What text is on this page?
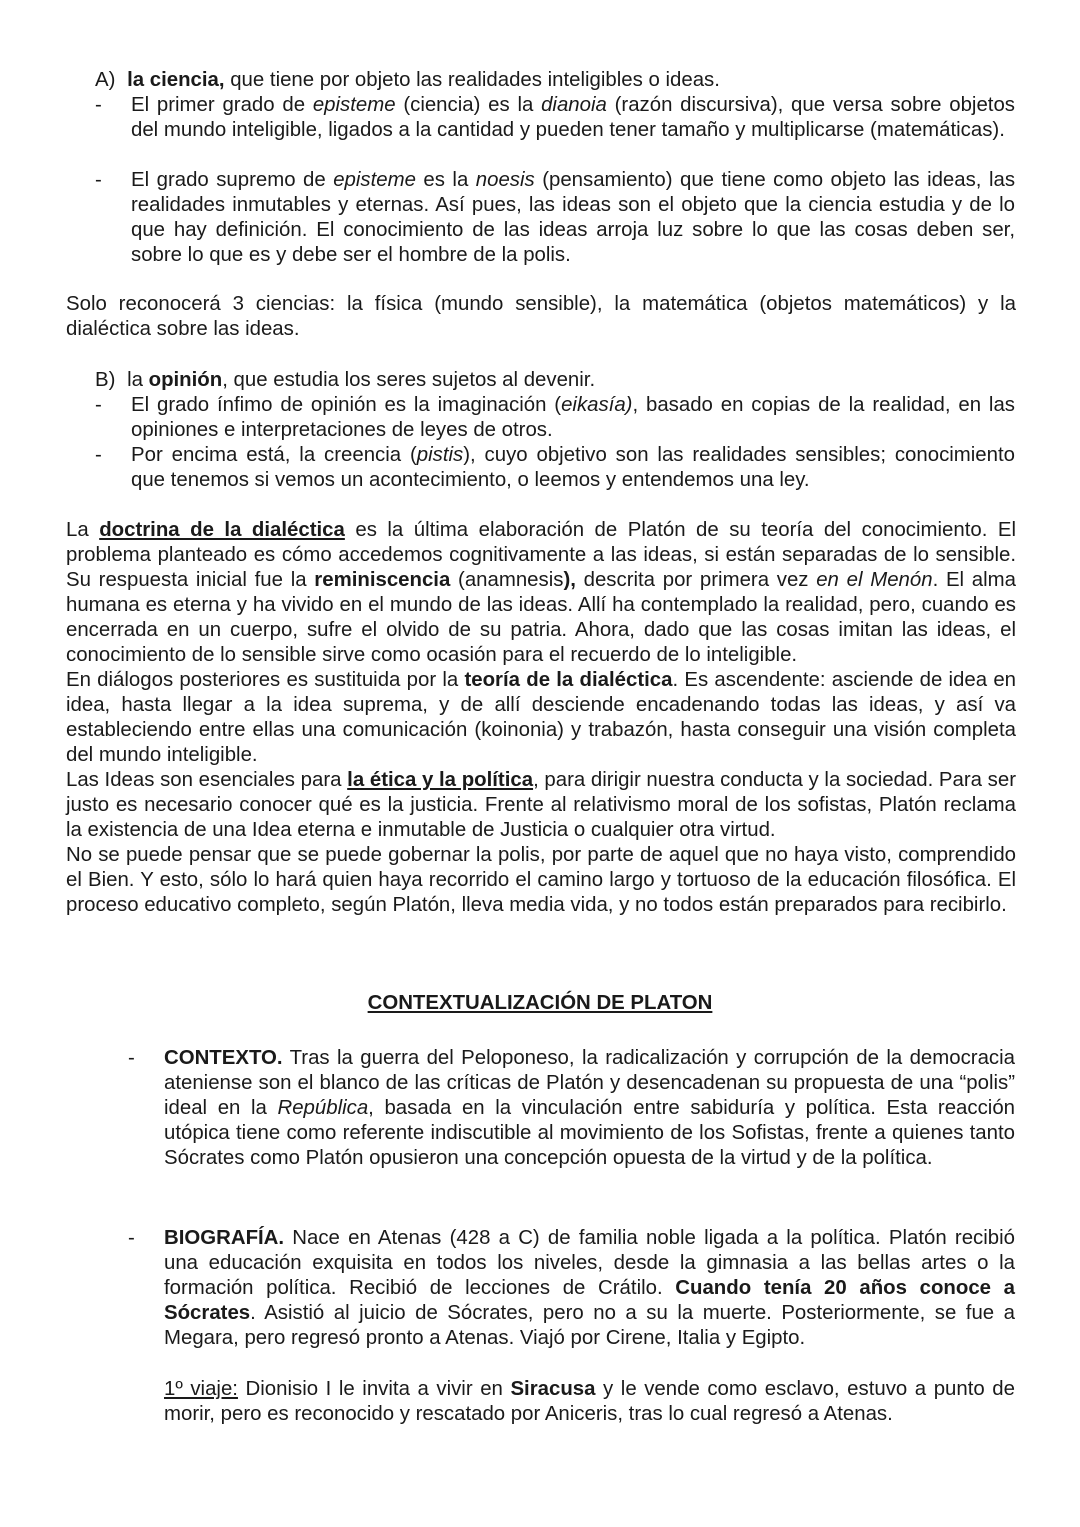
A) la ciencia, que tiene por objeto las realidades inteligibles o ideas.
- El primer grado de episteme (ciencia) es la dianoia (razón discursiva), que versa sobre objetos del mundo inteligible, ligados a la cantidad y pueden tener tamaño y multiplicarse (matemáticas).

- El grado supremo de episteme es la noesis (pensamiento) que tiene como objeto las ideas, las realidades inmutables y eternas. Así pues, las ideas son el objeto que la ciencia estudia y de lo que hay definición. El conocimiento de las ideas arroja luz sobre lo que las cosas deben ser, sobre lo que es y debe ser el hombre de la polis.

Solo reconocerá 3 ciencias: la física (mundo sensible), la matemática (objetos matemáticos) y la dialéctica sobre las ideas.

B) la opinión, que estudia los seres sujetos al devenir.
- El grado ínfimo de opinión es la imaginación (eikasía), basado en copias de la realidad, en las opiniones e interpretaciones de leyes de otros.

- Por encima está, la creencia (pistis), cuyo objetivo son las realidades sensibles; conocimiento que tenemos si vemos un acontecimiento, o leemos y entendemos una ley.

La doctrina de la dialéctica es la última elaboración de Platón de su teoría del conocimiento. El problema planteado es cómo accedemos cognitivamente a las ideas, si están separadas de lo sensible. Su respuesta inicial fue la reminiscencia (anamnesis), descrita por primera vez en el Menón. El alma humana es eterna y ha vivido en el mundo de las ideas. Allí ha contemplado la realidad, pero, cuando es encerrada en un cuerpo, sufre el olvido de su patria. Ahora, dado que las cosas imitan las ideas, el conocimiento de lo sensible sirve como ocasión para el recuerdo de lo inteligible.

En diálogos posteriores es sustituida por la teoría de la dialéctica. Es ascendente: asciende de idea en idea, hasta llegar a la idea suprema, y de allí desciende encadenando todas las ideas, y así va estableciendo entre ellas una comunicación (koinonia) y trabazón, hasta conseguir una visión completa del mundo inteligible.

Las Ideas son esenciales para la ética y la política, para dirigir nuestra conducta y la sociedad. Para ser justo es necesario conocer qué es la justicia. Frente al relativismo moral de los sofistas, Platón reclama la existencia de una Idea eterna e inmutable de Justicia o cualquier otra virtud.

No se puede pensar que se puede gobernar la polis, por parte de aquel que no haya visto, comprendido el Bien. Y esto, sólo lo hará quien haya recorrido el camino largo y tortuoso de la educación filosófica. El proceso educativo completo, según Platón, lleva media vida, y no todos están preparados para recibirlo.

CONTEXTUALIZACIÓN DE PLATON

- CONTEXTO. Tras la guerra del Peloponeso, la radicalización y corrupción de la democracia ateniense son el blanco de las críticas de Platón y desencadenan su propuesta de una “polis” ideal en la República, basada en la vinculación entre sabiduría y política. Esta reacción utópica tiene como referente indiscutible al movimiento de los Sofistas, frente a quienes tanto Sócrates como Platón opusieron una concepción opuesta de la virtud y de la política.

- BIOGRAFÍA. Nace en Atenas (428 a C) de familia noble ligada a la política. Platón recibió una educación exquisita en todos los niveles, desde la gimnasia a las bellas artes o la formación política. Recibió de lecciones de Crátilo. Cuando tenía 20 años conoce a Sócrates. Asistió al juicio de Sócrates, pero no a su la muerte. Posteriormente, se fue a Megara, pero regresó pronto a Atenas. Viajó por Cirene, Italia y Egipto.

1º viaje: Dionisio I le invita a vivir en Siracusa y le vende como esclavo, estuvo a punto de morir, pero es reconocido y rescatado por Aniceris, tras lo cual regresó a Atenas.
